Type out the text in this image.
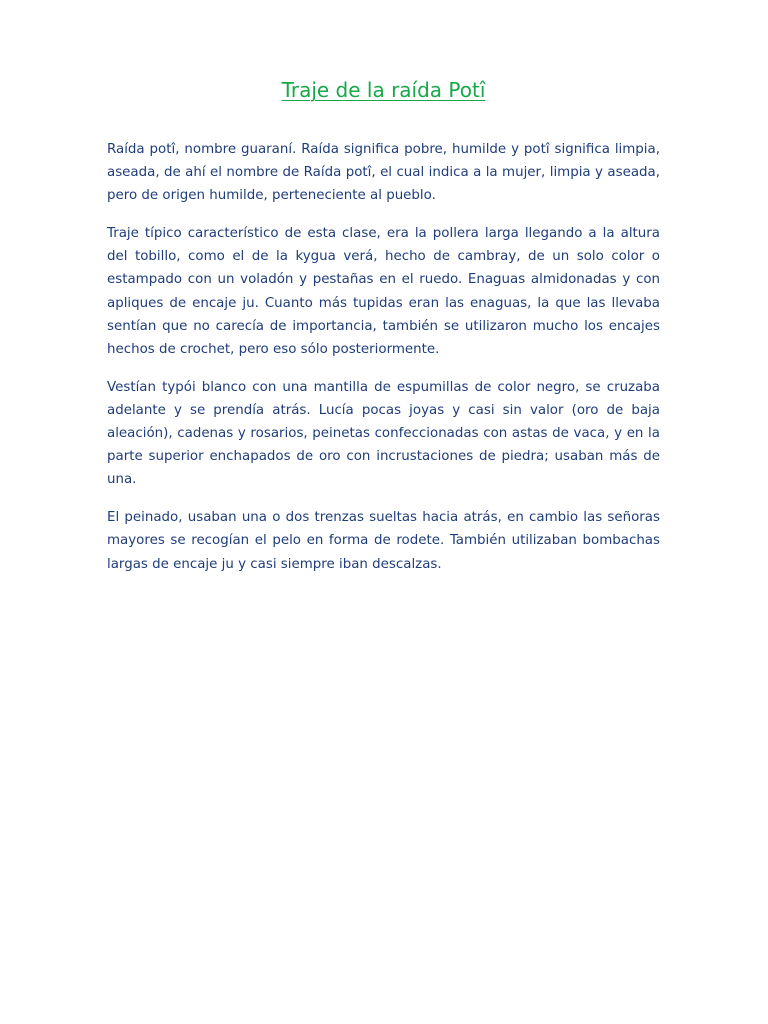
Traje de la raída Potî

Raída potî, nombre guaraní. Raída significa pobre, humilde y potî significa limpia, aseada, de ahí el nombre de Raída potî, el cual indica a la mujer, limpia y aseada, pero de origen humilde, perteneciente al pueblo.

Traje típico característico de esta clase, era la pollera larga llegando a la altura del tobillo, como el de la kygua verá, hecho de cambray, de un solo color o estampado con un voladón y pestañas en el ruedo. Enaguas almidonadas y con apliques de encaje ju. Cuanto más tupidas eran las enaguas, la que las llevaba sentían que no carecía de importancia, también se utilizaron mucho los encajes hechos de crochet, pero eso sólo posteriormente.

Vestían typói blanco con una mantilla de espumillas de color negro, se cruzaba adelante y se prendía atrás. Lucía pocas joyas y casi sin valor (oro de baja aleación), cadenas y rosarios, peinetas confeccionadas con astas de vaca, y en la parte superior enchapados de oro con incrustaciones de piedra; usaban más de una.

El peinado, usaban una o dos trenzas sueltas hacia atrás, en cambio las señoras mayores se recogían el pelo en forma de rodete. También utilizaban bombachas largas de encaje ju y casi siempre iban descalzas.
